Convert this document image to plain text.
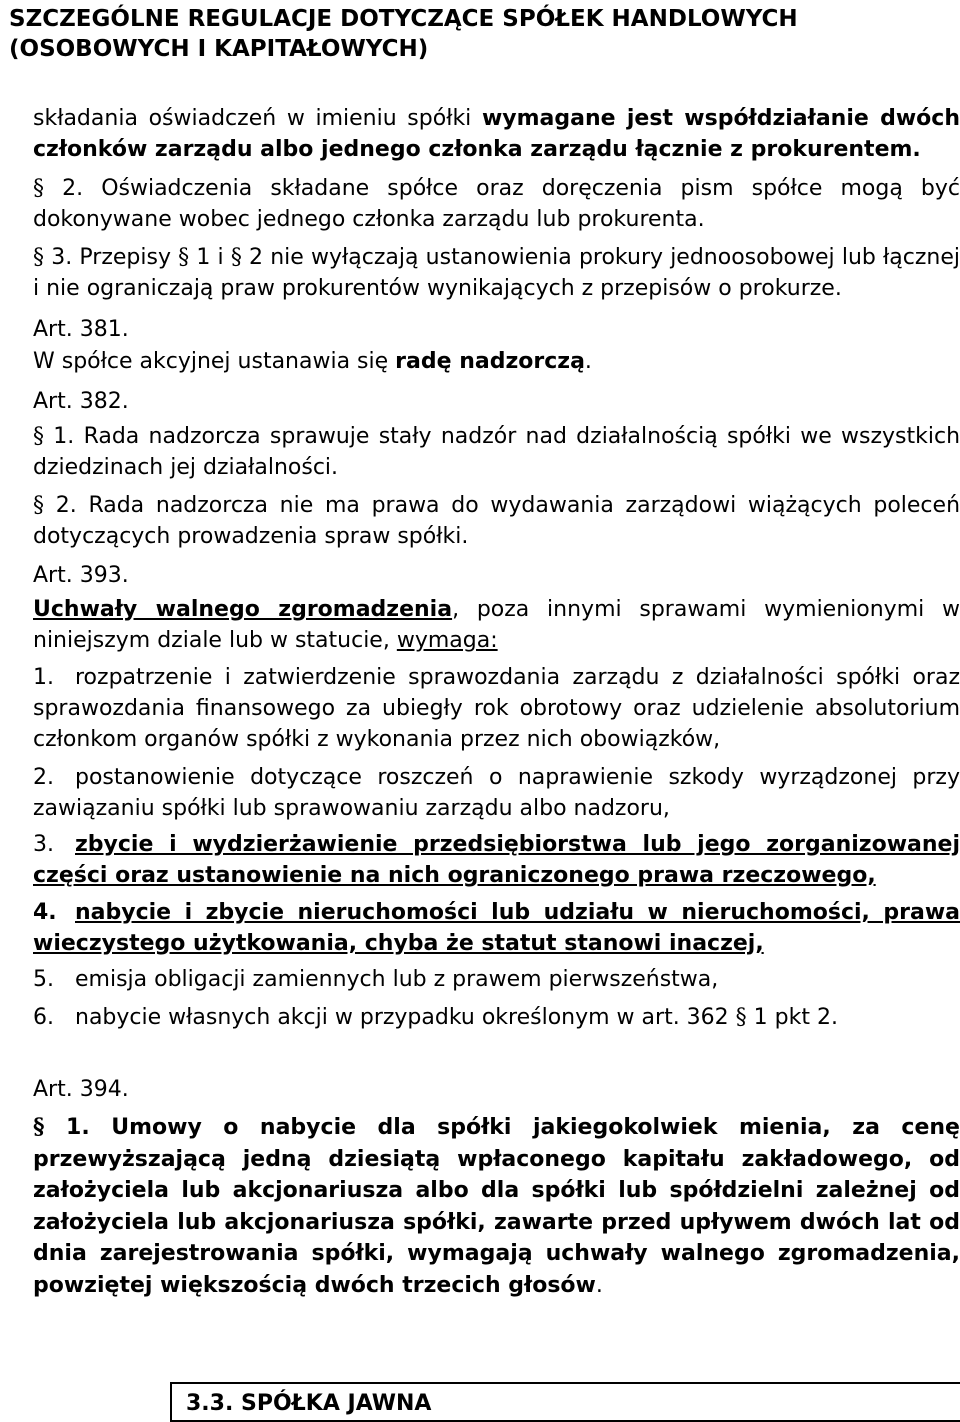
SZCZEGÓLNE REGULACJE DOTYCZĄCE SPÓŁEK HANDLOWYCH (OSOBOWYCH I KAPITAŁOWYCH)
składania oświadczeń w imieniu spółki wymagane jest współdziałanie dwóch członków zarządu albo jednego członka zarządu łącznie z prokurentem.
§ 2. Oświadczenia składane spółce oraz doręczenia pism spółce mogą być dokonywane wobec jednego członka zarządu lub prokurenta.
§ 3. Przepisy § 1 i § 2 nie wyłączają ustanowienia prokury jednoosobowej lub łącznej i nie ograniczają praw prokurentów wynikających z przepisów o prokurze.
Art. 381.
W spółce akcyjnej ustanawia się radę nadzorczą.
Art. 382.
§ 1. Rada nadzorcza sprawuje stały nadzór nad działalnością spółki we wszystkich dziedzinach jej działalności.
§ 2. Rada nadzorcza nie ma prawa do wydawania zarządowi wiążących poleceń dotyczących prowadzenia spraw spółki.
Art. 393.
Uchwały walnego zgromadzenia, poza innymi sprawami wymienionymi w niniejszym dziale lub w statucie, wymaga:
1. rozpatrzenie i zatwierdzenie sprawozdania zarządu z działalności spółki oraz sprawozdania finansowego za ubiegły rok obrotowy oraz udzielenie absolutorium członkom organów spółki z wykonania przez nich obowiązków,
2. postanowienie dotyczące roszczeń o naprawienie szkody wyrządzonej przy zawiązaniu spółki lub sprawowaniu zarządu albo nadzoru,
3. zbycie i wydzierżawienie przedsiębiorstwa lub jego zorganizowanej części oraz ustanowienie na nich ograniczonego prawa rzeczowego,
4. nabycie i zbycie nieruchomości lub udziału w nieruchomości, prawa wieczystego użytkowania, chyba że statut stanowi inaczej,
5. emisja obligacji zamiennych lub z prawem pierwszeństwa,
6. nabycie własnych akcji w przypadku określonym w art. 362 § 1 pkt 2.
Art. 394.
§ 1. Umowy o nabycie dla spółki jakiegokolwiek mienia, za cenę przewyższającą jedną dziesiątą wpłaconego kapitału zakładowego, od założyciela lub akcjonariusza albo dla spółki lub spółdzielni zależnej od założyciela lub akcjonariusza spółki, zawarte przed upływem dwóch lat od dnia zarejestrowania spółki, wymagają uchwały walnego zgromadzenia, powziętej większością dwóch trzecich głosów.
3.3. SPÓŁKA JAWNA
